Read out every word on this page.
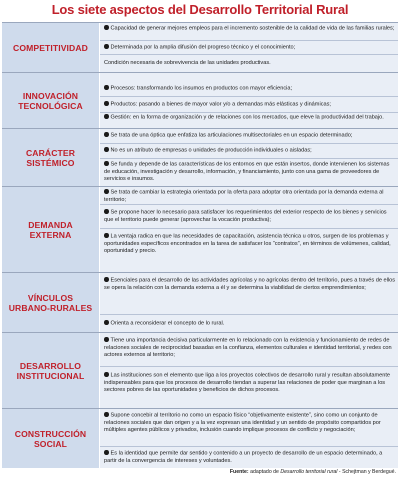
Los siete aspectos del Desarrollo Territorial Rural
COMPETITIVIDAD
Capacidad de generar mejores empleos para el incremento sostenible de la calidad de vida de las familias rurales;
Determinada por la amplia difusión del progreso técnico y el conocimiento;
Condición necesaria de sobrevivencia de las unidades productivas.
INNOVACIÓN
TECNOLÓGICA
Procesos: transformando los insumos en productos con mayor eficiencia;
Productos: pasando a bienes de mayor valor y/o a demandas más elásticas y dinámicas;
Gestión: en la forma de organización y de relaciones con los mercados, que eleve la productividad del trabajo.
CARÁCTER
SISTÉMICO
Se trata de una óptica que enfatiza las articulaciones multisectoriales en un espacio determinado;
No es un atributo de empresas o unidades de producción individuales o aisladas;
Se funda y depende de las características de los entornos en que están insertos, donde intervienen los sistemas de educación, investigación y desarrollo, información, y financiamiento, junto con una gama de proveedores de servicios e insumos.
DEMANDA
EXTERNA
Se trata de cambiar la estrategia orientada por la oferta para adoptar otra orientada por la demanda externa al territorio;
Se propone hacer lo necesario para satisfacer los requerimientos del exterior respecto de los bienes y servicios que el territorio puede generar (aprovechar la vocación productiva);
La ventaja radica en que las necesidades de capacitación, asistencia técnica u otros, surgen de los problemas y oportunidades específicos encontrados en la tarea de satisfacer los “contratos”, en términos de volúmenes, calidad, oportunidad y precio.
VÍNCULOS
URBANO-RURALES
Esenciales para el desarrollo de las actividades agrícolas y no agrícolas dentro del territorio, pues a través de ellos se opera la relación con la demanda externa a él y se determina la viabilidad de ciertos emprendimientos;
Orienta a reconsiderar el concepto de lo rural.
DESARROLLO
INSTITUCIONAL
Tiene una importancia decisiva particularmente en lo relacionado con la existencia y funcionamiento de redes de relaciones sociales de reciprocidad basadas en la confianza, elementos culturales e identidad territorial, y redes con actores externos al territorio;
Las instituciones son el elemento que liga a los proyectos colectivos de desarrollo rural y resultan absolutamente indispensables para que los procesos de desarrollo tiendan a superar las relaciones de poder que marginan a los sectores pobres de las oportunidades y beneficios de dichos procesos.
CONSTRUCCIÓN
SOCIAL
Supone concebir al territorio no como un espacio físico “objetivamente existente”, sino como un conjunto de relaciones sociales que dan origen y a la vez expresan una identidad y un sentido de propósito compartidos por múltiples agentes públicos y privados, inclusión cuando implique procesos de conflicto y negociación;
Es la identidad que permite dar sentido y contenido a un proyecto de desarrollo de un espacio determinado, a partir de la convergencia de intereses y voluntades.
Fuente: adaptado de Desarrollo territorial rural - Schejtman y Berdegué.
